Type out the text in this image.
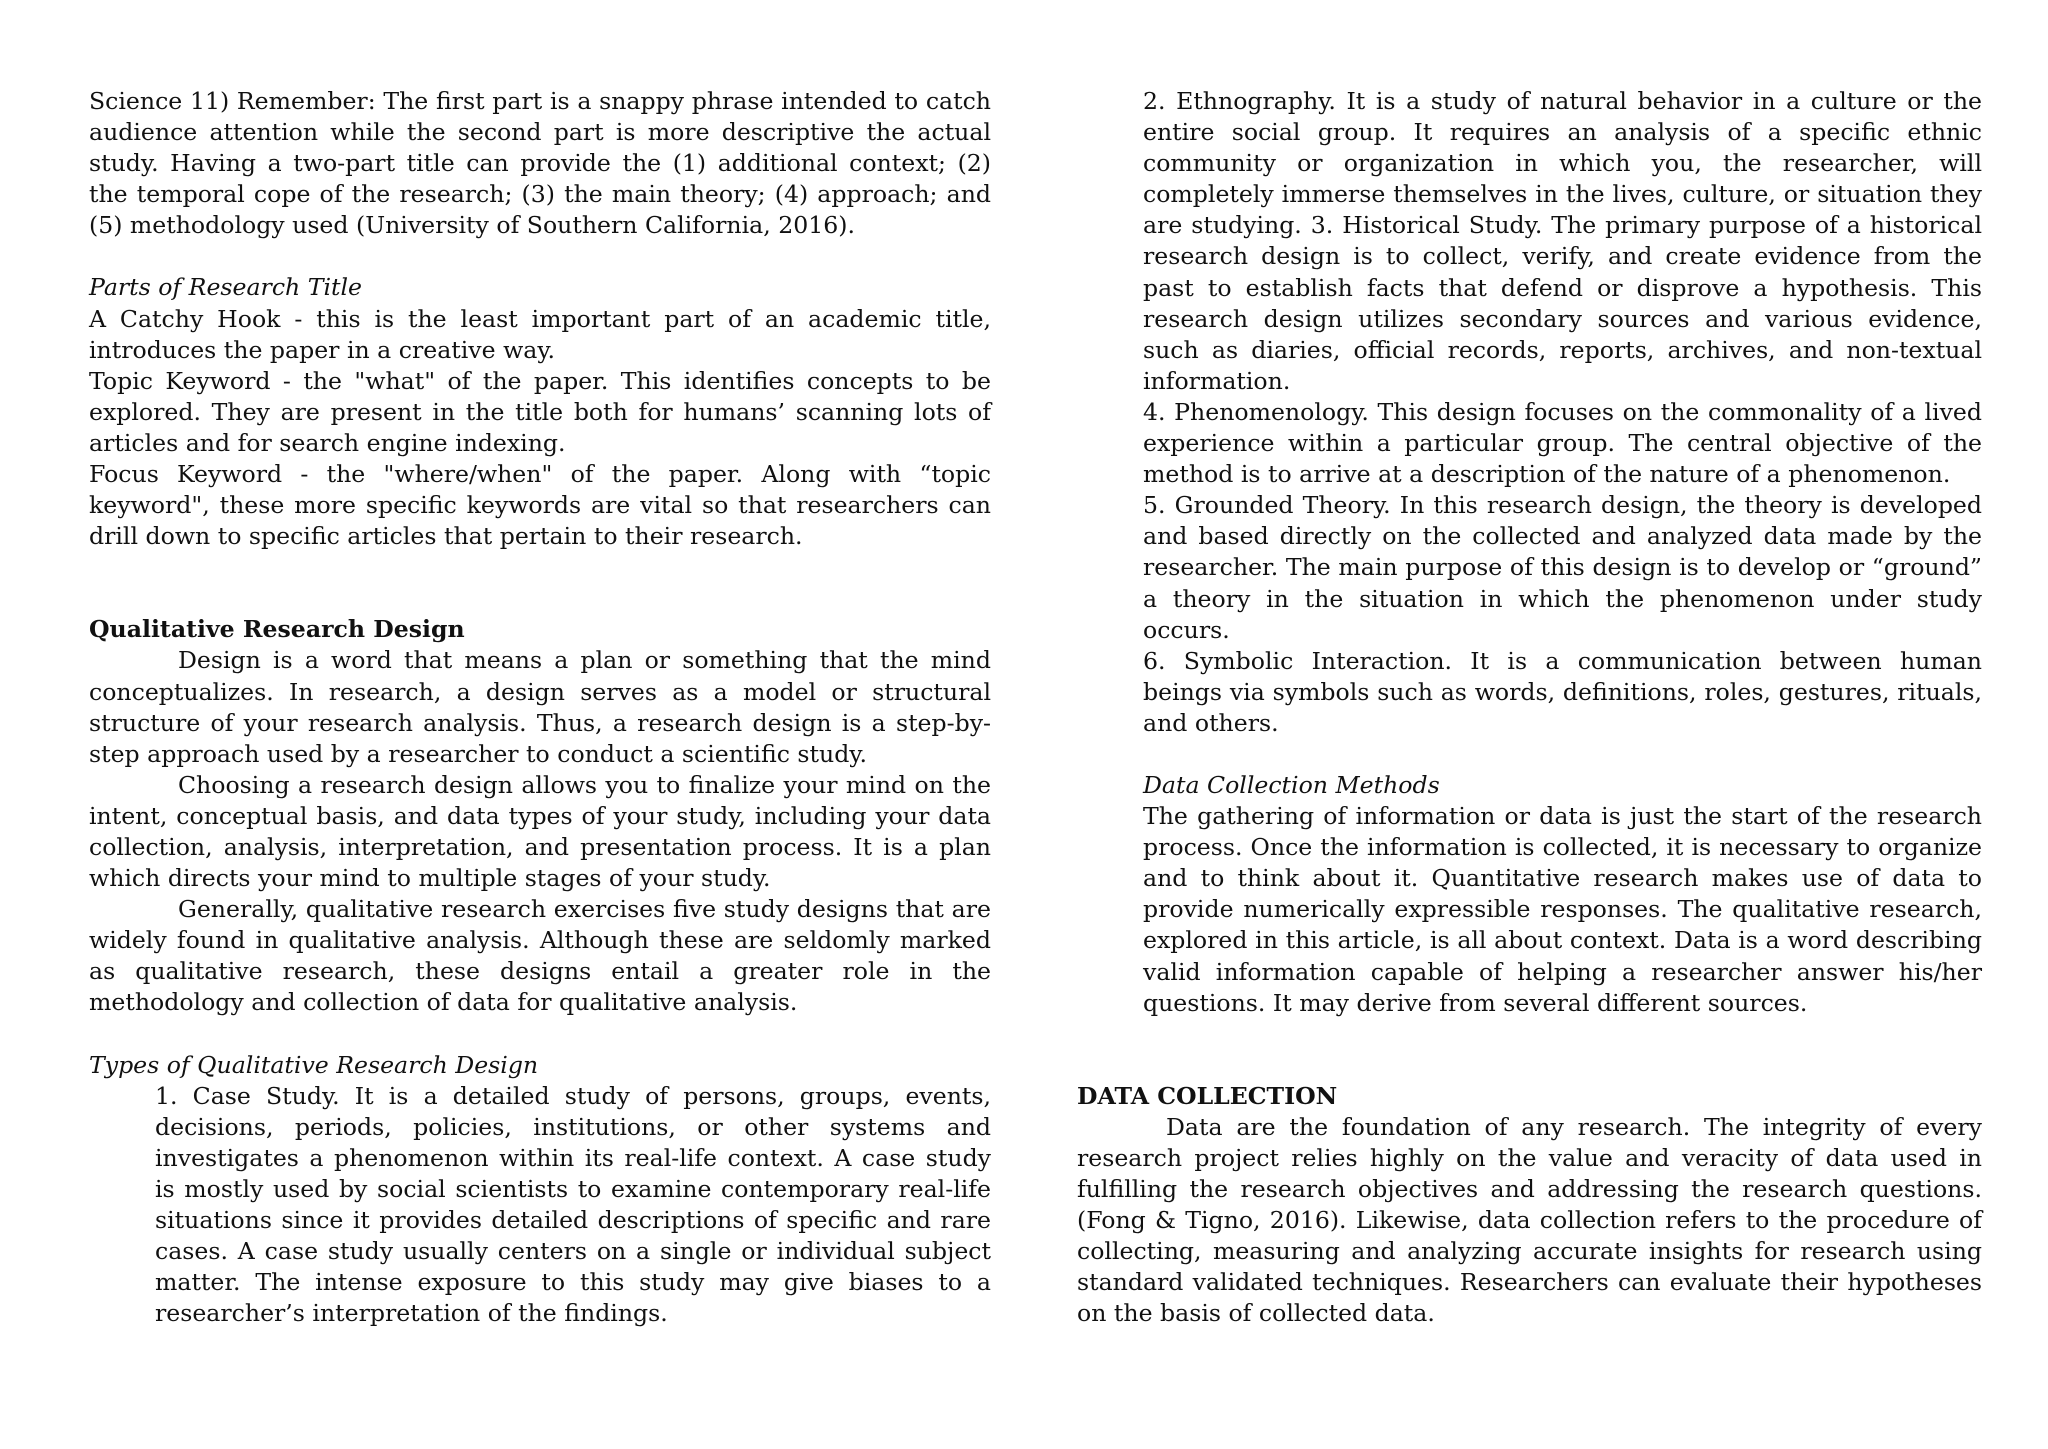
Science 11) Remember: The first part is a snappy phrase intended to catch audience attention while the second part is more descriptive the actual study. Having a two-part title can provide the (1) additional context; (2) the temporal cope of the research; (3) the main theory; (4) approach; and (5) methodology used (University of Southern California, 2016).

Parts of Research Title

A Catchy Hook - this is the least important part of an academic title, introduces the paper in a creative way.

Topic Keyword - the "what" of the paper. This identifies concepts to be explored. They are present in the title both for humans’ scanning lots of articles and for search engine indexing.

Focus Keyword - the "where/when" of the paper. Along with “topic keyword", these more specific keywords are vital so that researchers can drill down to specific articles that pertain to their research.

Qualitative Research Design

Design is a word that means a plan or something that the mind conceptualizes. In research, a design serves as a model or structural structure of your research analysis. Thus, a research design is a step-by-step approach used by a researcher to conduct a scientific study.

Choosing a research design allows you to finalize your mind on the intent, conceptual basis, and data types of your study, including your data collection, analysis, interpretation, and presentation process. It is a plan which directs your mind to multiple stages of your study.

Generally, qualitative research exercises five study designs that are widely found in qualitative analysis. Although these are seldomly marked as qualitative research, these designs entail a greater role in the methodology and collection of data for qualitative analysis.

Types of Qualitative Research Design

1. Case Study. It is a detailed study of persons, groups, events, decisions, periods, policies, institutions, or other systems and investigates a phenomenon within its real-life context. A case study is mostly used by social scientists to examine contemporary real-life situations since it provides detailed descriptions of specific and rare cases. A case study usually centers on a single or individual subject matter. The intense exposure to this study may give biases to a researcher’s interpretation of the findings.

2. Ethnography. It is a study of natural behavior in a culture or the entire social group. It requires an analysis of a specific ethnic community or organization in which you, the researcher, will completely immerse themselves in the lives, culture, or situation they are studying. 3. Historical Study. The primary purpose of a historical research design is to collect, verify, and create evidence from the past to establish facts that defend or disprove a hypothesis. This research design utilizes secondary sources and various evidence, such as diaries, official records, reports, archives, and non-textual information.

4. Phenomenology. This design focuses on the commonality of a lived experience within a particular group. The central objective of the method is to arrive at a description of the nature of a phenomenon.

5. Grounded Theory. In this research design, the theory is developed and based directly on the collected and analyzed data made by the researcher. The main purpose of this design is to develop or “ground” a theory in the situation in which the phenomenon under study occurs.

6. Symbolic Interaction. It is a communication between human beings via symbols such as words, definitions, roles, gestures, rituals, and others.

Data Collection Methods

The gathering of information or data is just the start of the research process. Once the information is collected, it is necessary to organize and to think about it. Quantitative research makes use of data to provide numerically expressible responses. The qualitative research, explored in this article, is all about context. Data is a word describing valid information capable of helping a researcher answer his/her questions. It may derive from several different sources.

DATA COLLECTION

Data are the foundation of any research. The integrity of every research project relies highly on the value and veracity of data used in fulfilling the research objectives and addressing the research questions. (Fong & Tigno, 2016). Likewise, data collection refers to the procedure of collecting, measuring and analyzing accurate insights for research using standard validated techniques. Researchers can evaluate their hypotheses on the basis of collected data.
